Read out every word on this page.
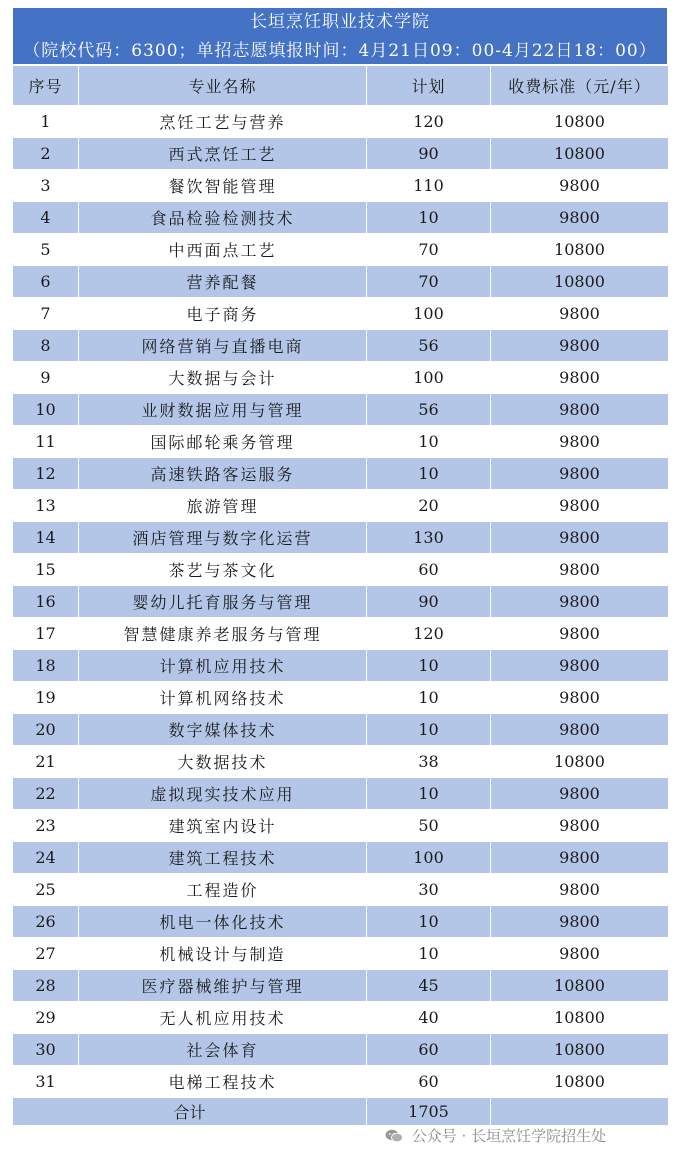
长垣烹饪职业技术学院
（院校代码：6300；单招志愿填报时间：4月21日09：00-4月22日18：00）
序号	专业名称	计划	收费标准（元/年）
1	烹饪工艺与营养	120	10800
2	西式烹饪工艺	90	10800
3	餐饮智能管理	110	9800
4	食品检验检测技术	10	9800
5	中西面点工艺	70	10800
6	营养配餐	70	10800
7	电子商务	100	9800
8	网络营销与直播电商	56	9800
9	大数据与会计	100	9800
10	业财数据应用与管理	56	9800
11	国际邮轮乘务管理	10	9800
12	高速铁路客运服务	10	9800
13	旅游管理	20	9800
14	酒店管理与数字化运营	130	9800
15	茶艺与茶文化	60	9800
16	婴幼儿托育服务与管理	90	9800
17	智慧健康养老服务与管理	120	9800
18	计算机应用技术	10	9800
19	计算机网络技术	10	9800
20	数字媒体技术	10	9800
21	大数据技术	38	10800
22	虚拟现实技术应用	10	9800
23	建筑室内设计	50	9800
24	建筑工程技术	100	9800
25	工程造价	30	9800
26	机电一体化技术	10	9800
27	机械设计与制造	10	9800
28	医疗器械维护与管理	45	10800
29	无人机应用技术	40	10800
30	社会体育	60	10800
31	电梯工程技术	60	10800
合计		1705	
公众号 · 长垣烹饪学院招生处
